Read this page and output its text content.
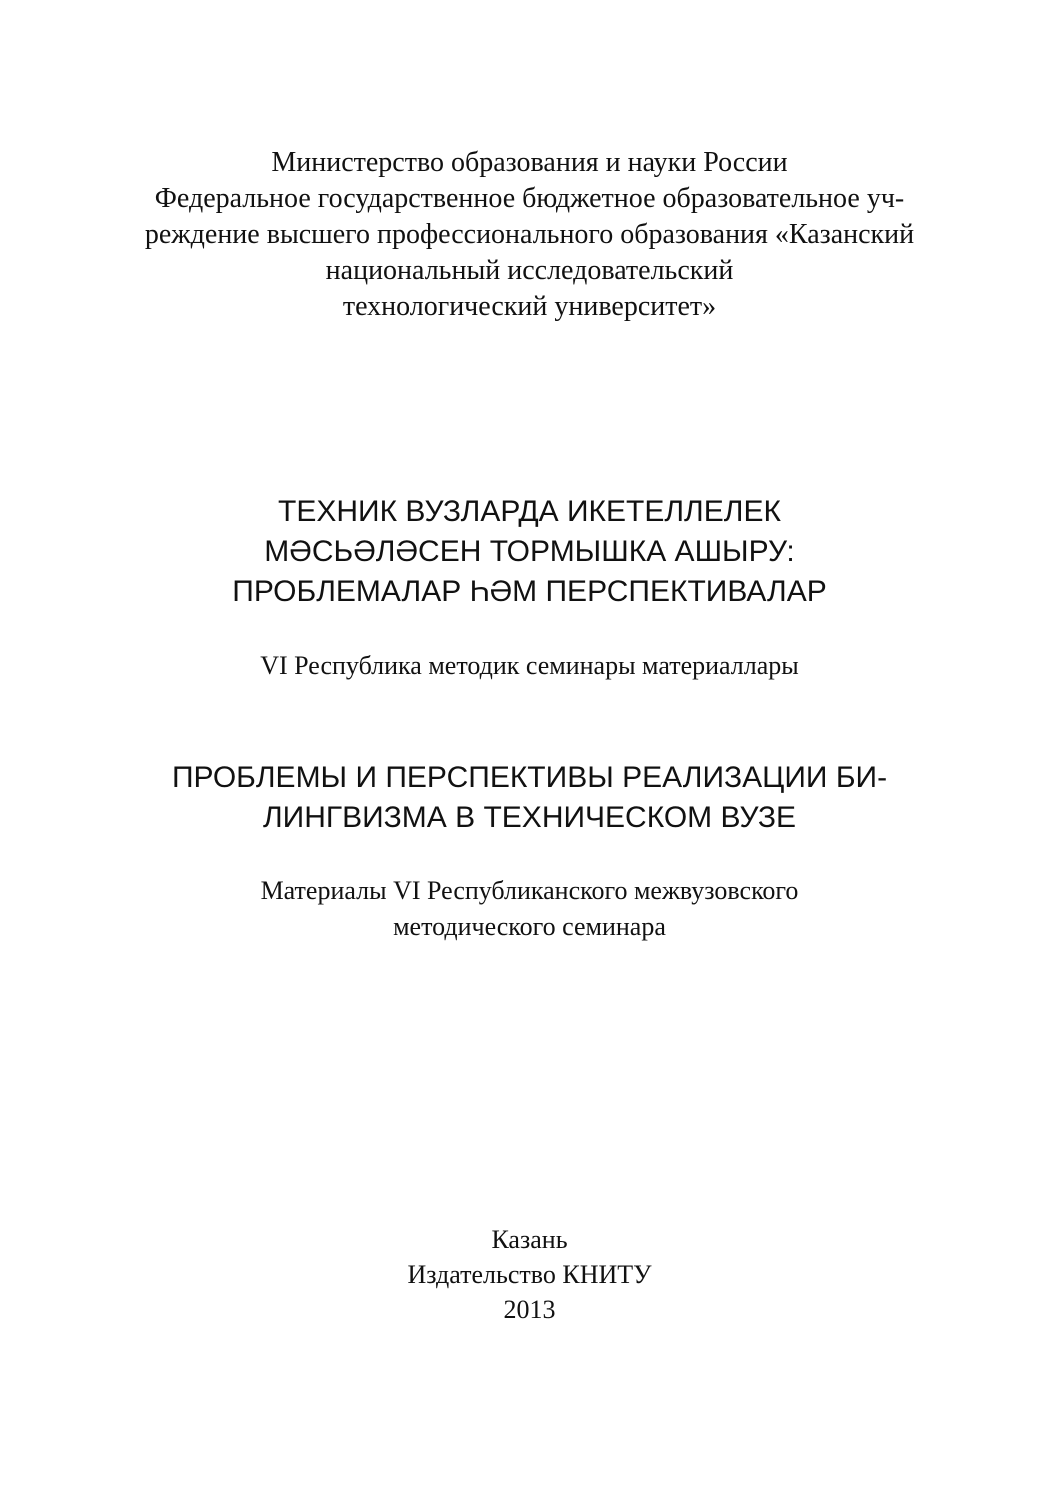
Министерство образования и науки России
Федеральное государственное бюджетное образовательное уч-
реждение высшего профессионального образования «Казанский
национальный исследовательский
технологический университет»
ТЕХНИК ВУЗЛАРДА ИКЕТЕЛЛЕЛЕК
МӘСЬӘЛӘСЕН ТОРМЫШКА АШЫРУ:
ПРОБЛЕМАЛАР ҺӘМ ПЕРСПЕКТИВАЛАР
VI Республика методик семинары материаллары
ПРОБЛЕМЫ И ПЕРСПЕКТИВЫ РЕАЛИЗАЦИИ БИ-
ЛИНГВИЗМА В ТЕХНИЧЕСКОМ ВУЗЕ
Материалы VI Республиканского межвузовского
методического семинара
Казань
Издательство КНИТУ
2013
